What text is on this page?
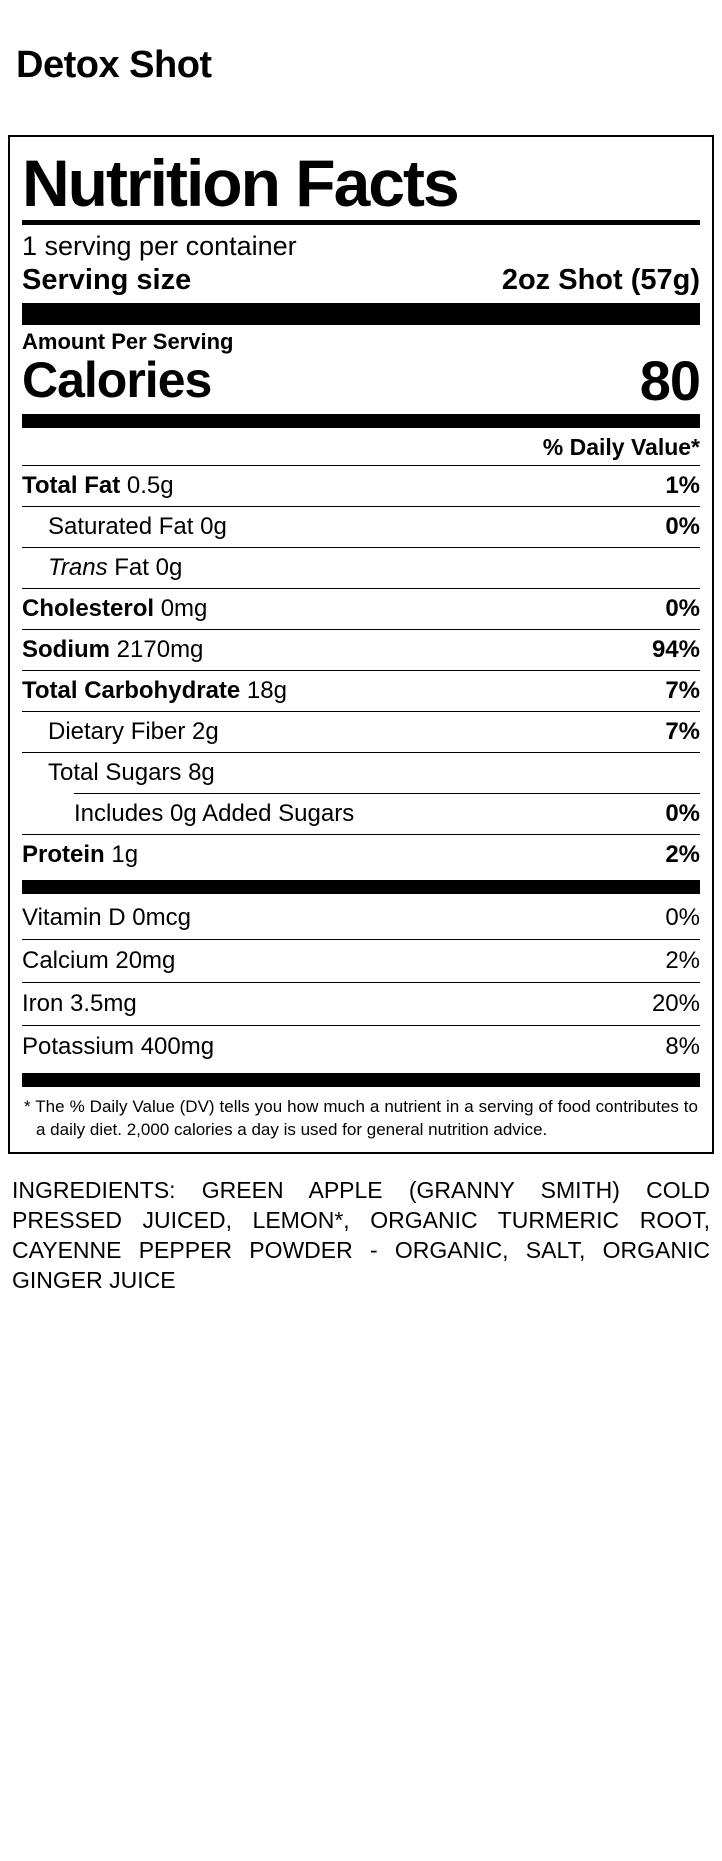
Detox Shot
Nutrition Facts
1 serving per container
Serving size	2oz Shot (57g)
Amount Per Serving
Calories	80
% Daily Value*
Total Fat 0.5g	1%
Saturated Fat 0g	0%
Trans Fat 0g
Cholesterol 0mg	0%
Sodium 2170mg	94%
Total Carbohydrate 18g	7%
Dietary Fiber 2g	7%
Total Sugars 8g
Includes 0g Added Sugars	0%
Protein 1g	2%
Vitamin D 0mcg	0%
Calcium 20mg	2%
Iron 3.5mg	20%
Potassium 400mg	8%
* The % Daily Value (DV) tells you how much a nutrient in a serving of food contributes to a daily diet. 2,000 calories a day is used for general nutrition advice.
INGREDIENTS: GREEN APPLE (GRANNY SMITH) COLD PRESSED JUICED, LEMON*, ORGANIC TURMERIC ROOT, CAYENNE PEPPER POWDER - ORGANIC, SALT, ORGANIC GINGER JUICE
